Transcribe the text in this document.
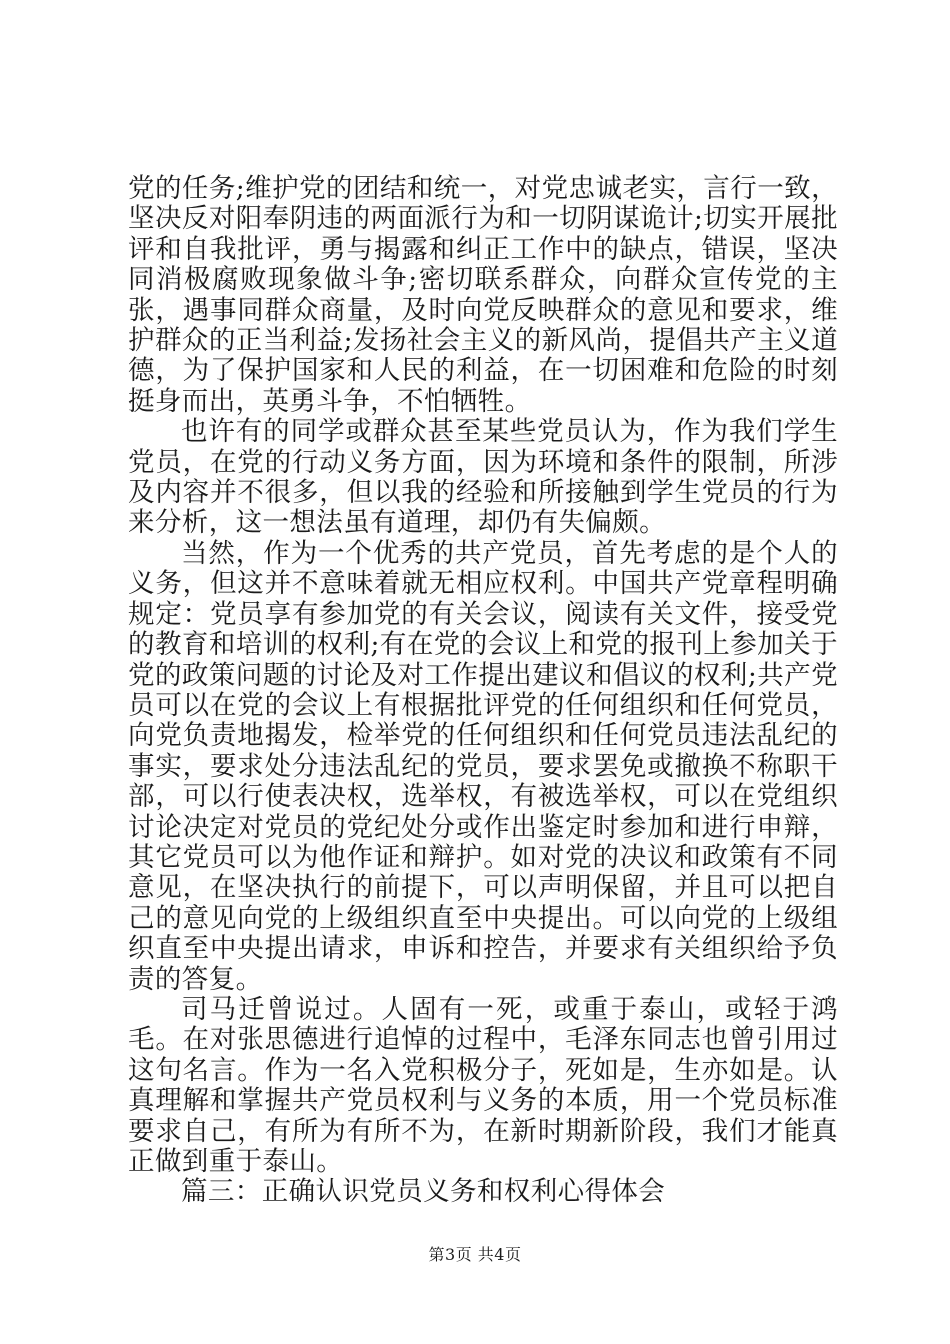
党的任务;维护党的团结和统一，对党忠诚老实，言行一致，坚决反对阳奉阴违的两面派行为和一切阴谋诡计;切实开展批评和自我批评，勇与揭露和纠正工作中的缺点，错误，坚决同消极腐败现象做斗争;密切联系群众，向群众宣传党的主张，遇事同群众商量，及时向党反映群众的意见和要求，维护群众的正当利益;发扬社会主义的新风尚，提倡共产主义道德，为了保护国家和人民的利益，在一切困难和危险的时刻挺身而出，英勇斗争，不怕牺牲。

也许有的同学或群众甚至某些党员认为，作为我们学生党员，在党的行动义务方面，因为环境和条件的限制，所涉及内容并不很多，但以我的经验和所接触到学生党员的行为来分析，这一想法虽有道理，却仍有失偏颇。

当然，作为一个优秀的共产党员，首先考虑的是个人的义务，但这并不意味着就无相应权利。中国共产党章程明确规定：党员享有参加党的有关会议，阅读有关文件，接受党的教育和培训的权利;有在党的会议上和党的报刊上参加关于党的政策问题的讨论及对工作提出建议和倡议的权利;共产党员可以在党的会议上有根据批评党的任何组织和任何党员，向党负责地揭发，检举党的任何组织和任何党员违法乱纪的事实，要求处分违法乱纪的党员，要求罢免或撤换不称职干部，可以行使表决权，选举权，有被选举权，可以在党组织讨论决定对党员的党纪处分或作出鉴定时参加和进行申辩，其它党员可以为他作证和辩护。如对党的决议和政策有不同意见，在坚决执行的前提下，可以声明保留，并且可以把自己的意见向党的上级组织直至中央提出。可以向党的上级组织直至中央提出请求，申诉和控告，并要求有关组织给予负责的答复。

司马迁曾说过。人固有一死，或重于泰山，或轻于鸿毛。在对张思德进行追悼的过程中，毛泽东同志也曾引用过这句名言。作为一名入党积极分子，死如是，生亦如是。认真理解和掌握共产党员权利与义务的本质，用一个党员标准要求自己，有所为有所不为，在新时期新阶段，我们才能真正做到重于泰山。

篇三：正确认识党员义务和权利心得体会

第3页 共4页
